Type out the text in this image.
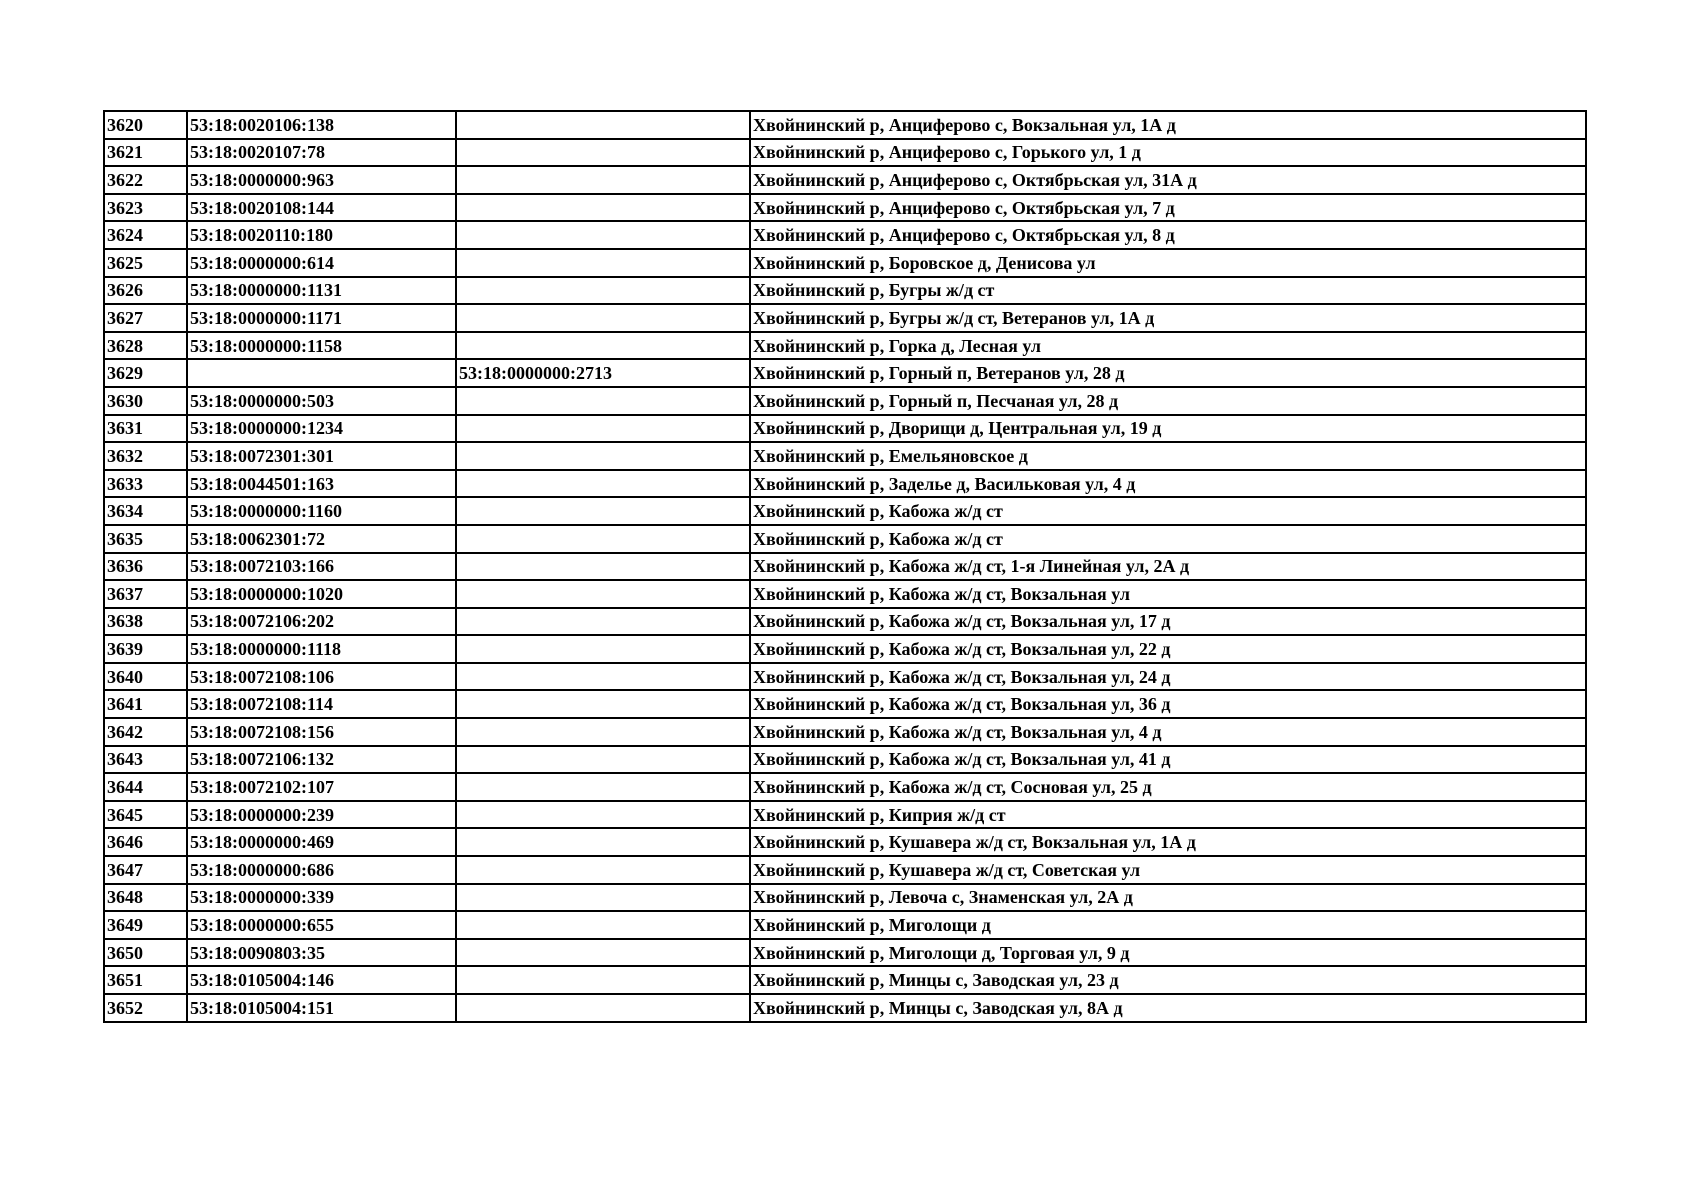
3620	53:18:0020106:138		Хвойнинский р, Анциферово с, Вокзальная ул, 1А д
3621	53:18:0020107:78		Хвойнинский р, Анциферово с, Горького ул, 1 д
3622	53:18:0000000:963		Хвойнинский р, Анциферово с, Октябрьская ул, 31А д
3623	53:18:0020108:144		Хвойнинский р, Анциферово с, Октябрьская ул, 7 д
3624	53:18:0020110:180		Хвойнинский р, Анциферово с, Октябрьская ул, 8 д
3625	53:18:0000000:614		Хвойнинский р, Боровское д, Денисова ул
3626	53:18:0000000:1131		Хвойнинский р, Бугры ж/д ст
3627	53:18:0000000:1171		Хвойнинский р, Бугры ж/д ст, Ветеранов ул, 1А д
3628	53:18:0000000:1158		Хвойнинский р, Горка д, Лесная ул
3629		53:18:0000000:2713	Хвойнинский р, Горный п, Ветеранов ул, 28 д
3630	53:18:0000000:503		Хвойнинский р, Горный п, Песчаная ул, 28 д
3631	53:18:0000000:1234		Хвойнинский р, Дворищи д, Центральная ул, 19 д
3632	53:18:0072301:301		Хвойнинский р, Емельяновское д
3633	53:18:0044501:163		Хвойнинский р, Заделье д, Васильковая ул, 4 д
3634	53:18:0000000:1160		Хвойнинский р, Кабожа ж/д ст
3635	53:18:0062301:72		Хвойнинский р, Кабожа ж/д ст
3636	53:18:0072103:166		Хвойнинский р, Кабожа ж/д ст, 1-я Линейная ул, 2А д
3637	53:18:0000000:1020		Хвойнинский р, Кабожа ж/д ст, Вокзальная ул
3638	53:18:0072106:202		Хвойнинский р, Кабожа ж/д ст, Вокзальная ул, 17 д
3639	53:18:0000000:1118		Хвойнинский р, Кабожа ж/д ст, Вокзальная ул, 22 д
3640	53:18:0072108:106		Хвойнинский р, Кабожа ж/д ст, Вокзальная ул, 24 д
3641	53:18:0072108:114		Хвойнинский р, Кабожа ж/д ст, Вокзальная ул, 36 д
3642	53:18:0072108:156		Хвойнинский р, Кабожа ж/д ст, Вокзальная ул, 4 д
3643	53:18:0072106:132		Хвойнинский р, Кабожа ж/д ст, Вокзальная ул, 41 д
3644	53:18:0072102:107		Хвойнинский р, Кабожа ж/д ст, Сосновая ул, 25 д
3645	53:18:0000000:239		Хвойнинский р, Киприя ж/д ст
3646	53:18:0000000:469		Хвойнинский р, Кушавера ж/д ст, Вокзальная ул, 1А д
3647	53:18:0000000:686		Хвойнинский р, Кушавера ж/д ст, Советская ул
3648	53:18:0000000:339		Хвойнинский р, Левоча с, Знаменская ул, 2А д
3649	53:18:0000000:655		Хвойнинский р, Миголощи д
3650	53:18:0090803:35		Хвойнинский р, Миголощи д, Торговая ул, 9 д
3651	53:18:0105004:146		Хвойнинский р, Минцы с, Заводская ул, 23 д
3652	53:18:0105004:151		Хвойнинский р, Минцы с, Заводская ул, 8А д
